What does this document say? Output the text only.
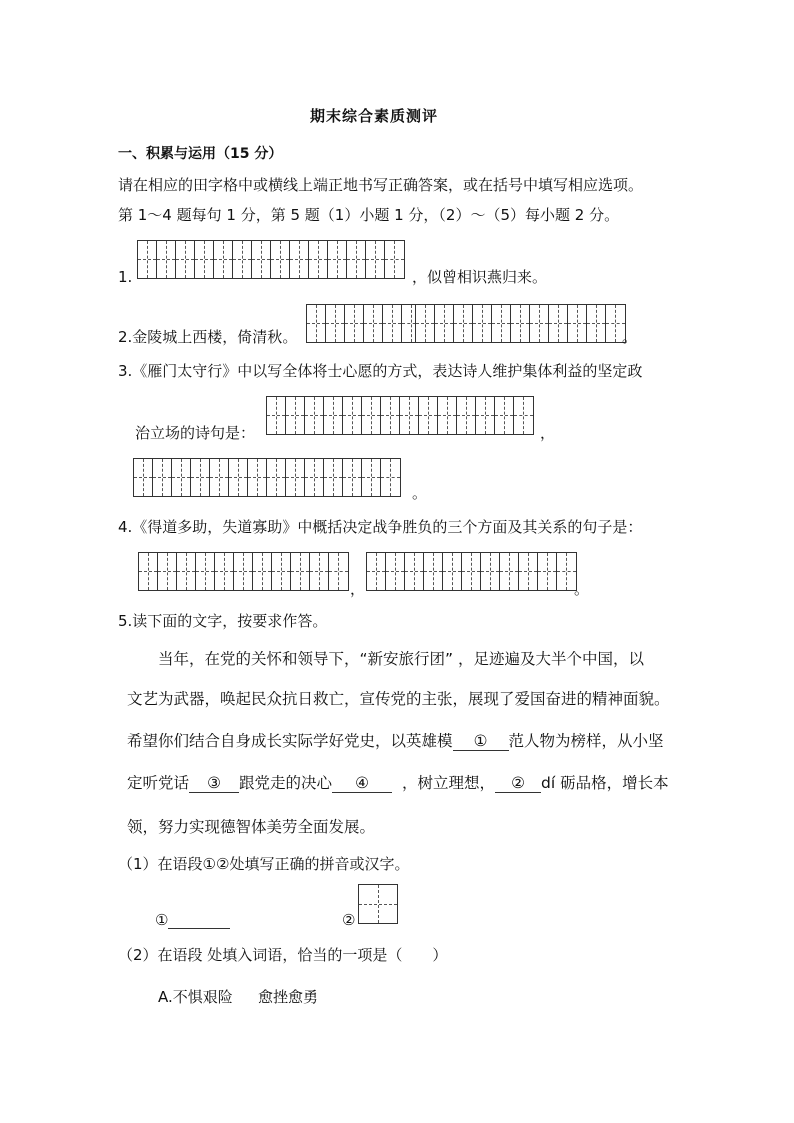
期末综合素质测评
一、积累与运用（15 分）
请在相应的田字格中或横线上端正地书写正确答案，或在括号中填写相应选项。
第 1～4 题每句 1 分，第 5 题（1）小题 1 分，（2）～（5）每小题 2 分。
1.	，似曾相识燕归来。
2.金陵城上西楼，倚清秋。	。
3.《雁门太守行》中以写全体将士心愿的方式，表达诗人维护集体利益的坚定政
治立场的诗句是：	，
。
4.《得道多助，失道寡助》中概括决定战争胜负的三个方面及其关系的句子是：
，	。
5.读下面的文字，按要求作答。
当年，在党的关怀和领导下，“新安旅行团” ，足迹遍及大半个中国，以
文艺为武器，唤起民众抗日救亡，宣传党的主张，展现了爱国奋进的精神面貌。
希望你们结合自身成长实际学好党史，以英雄模 ① 范人物为榜样，从小坚
定听党话 ③ 跟党走的决心 ④ ，树立理想， ② dí 砺品格，增长本
领，努力实现德智体美劳全面发展。
（1）在语段①②处填写正确的拼音或汉字。
①	②
（2）在语段 处填入词语，恰当的一项是（　　）
A.不惧艰险 愈挫愈勇
